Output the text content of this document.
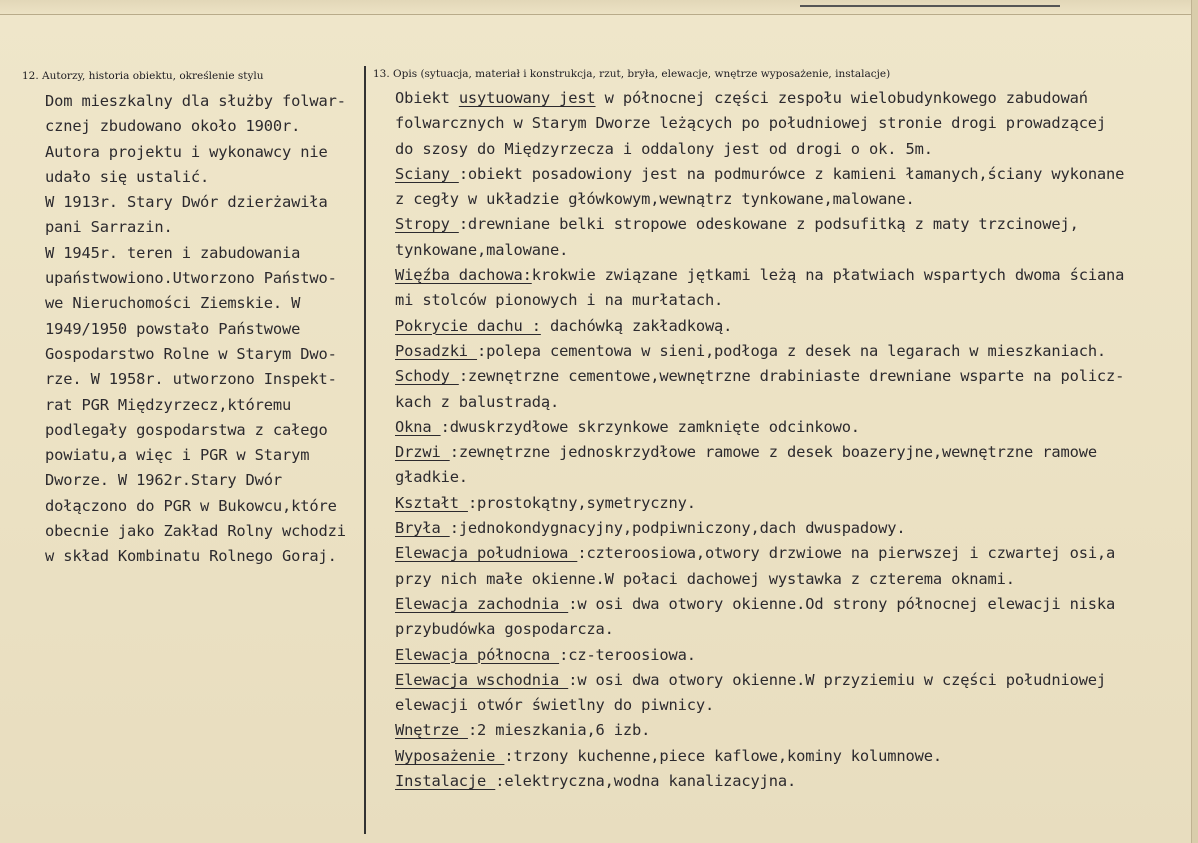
12. Autorzy, historia obiektu, określenie stylu	13. Opis (sytuacja, materiał i konstrukcja, rzut, bryła, elewacje, wnętrze wyposażenie, instalacje)
Dom mieszkalny dla służby folwar-
cznej zbudowano około 1900r.
Autora projektu i wykonawcy nie
udało się ustalić.
W 1913r. Stary Dwór dzierżawiła
pani Sarrazin.
W 1945r. teren i zabudowania
upaństwowiono.Utworzono Państwo-
we Nieruchomości Ziemskie. W
1949/1950 powstało Państwowe
Gospodarstwo Rolne w Starym Dwo-
rze. W 1958r. utworzono Inspekt-
rat PGR Międzyrzecz,któremu
podlegały gospodarstwa z całego
powiatu,a więc i PGR w Starym
Dworze. W 1962r.Stary Dwór
dołączono do PGR w Bukowcu,które
obecnie jako Zakład Rolny wchodzi
w skład Kombinatu Rolnego Goraj.
Obiekt usytuowany jest w północnej części zespołu wielobudynkowego zabudowań
folwarcznych w Starym Dworze leżących po południowej stronie drogi prowadzącej
do szosy do Międzyrzecza i oddalony jest od drogi o ok. 5m.
Sciany :obiekt posadowiony jest na podmurówce z kamieni łamanych,ściany wykonane
z cegły w układzie główkowym,wewnątrz tynkowane,malowane.
Stropy :drewniane belki stropowe odeskowane z podsufitką z maty trzcinowej,
tynkowane,malowane.
Więźba dachowa:krokwie związane jętkami leżą na płatwiach wspartych dwoma ściana
mi stolców pionowych i na murłatach.
Pokrycie dachu : dachówką zakładkową.
Posadzki :polepa cementowa w sieni,podłoga z desek na legarach w mieszkaniach.
Schody :zewnętrzne cementowe,wewnętrzne drabiniaste drewniane wsparte na policz-
kach z balustradą.
Okna :dwuskrzydłowe skrzynkowe zamknięte odcinkowo.
Drzwi :zewnętrzne jednoskrzydłowe ramowe z desek boazeryjne,wewnętrzne ramowe
gładkie.
Kształt :prostokątny,symetryczny.
Bryła :jednokondygnacyjny,podpiwniczony,dach dwuspadowy.
Elewacja południowa :czteroosiowa,otwory drzwiowe na pierwszej i czwartej osi,a
przy nich małe okienne.W połaci dachowej wystawka z czterema oknami.
Elewacja zachodnia :w osi dwa otwory okienne.Od strony północnej elewacji niska
przybudówka gospodarcza.
Elewacja północna :cz-teroosiowa.
Elewacja wschodnia :w osi dwa otwory okienne.W przyziemiu w części południowej
elewacji otwór świetlny do piwnicy.
Wnętrze :2 mieszkania,6 izb.
Wyposażenie :trzony kuchenne,piece kaflowe,kominy kolumnowe.
Instalacje :elektryczna,wodna kanalizacyjna.
